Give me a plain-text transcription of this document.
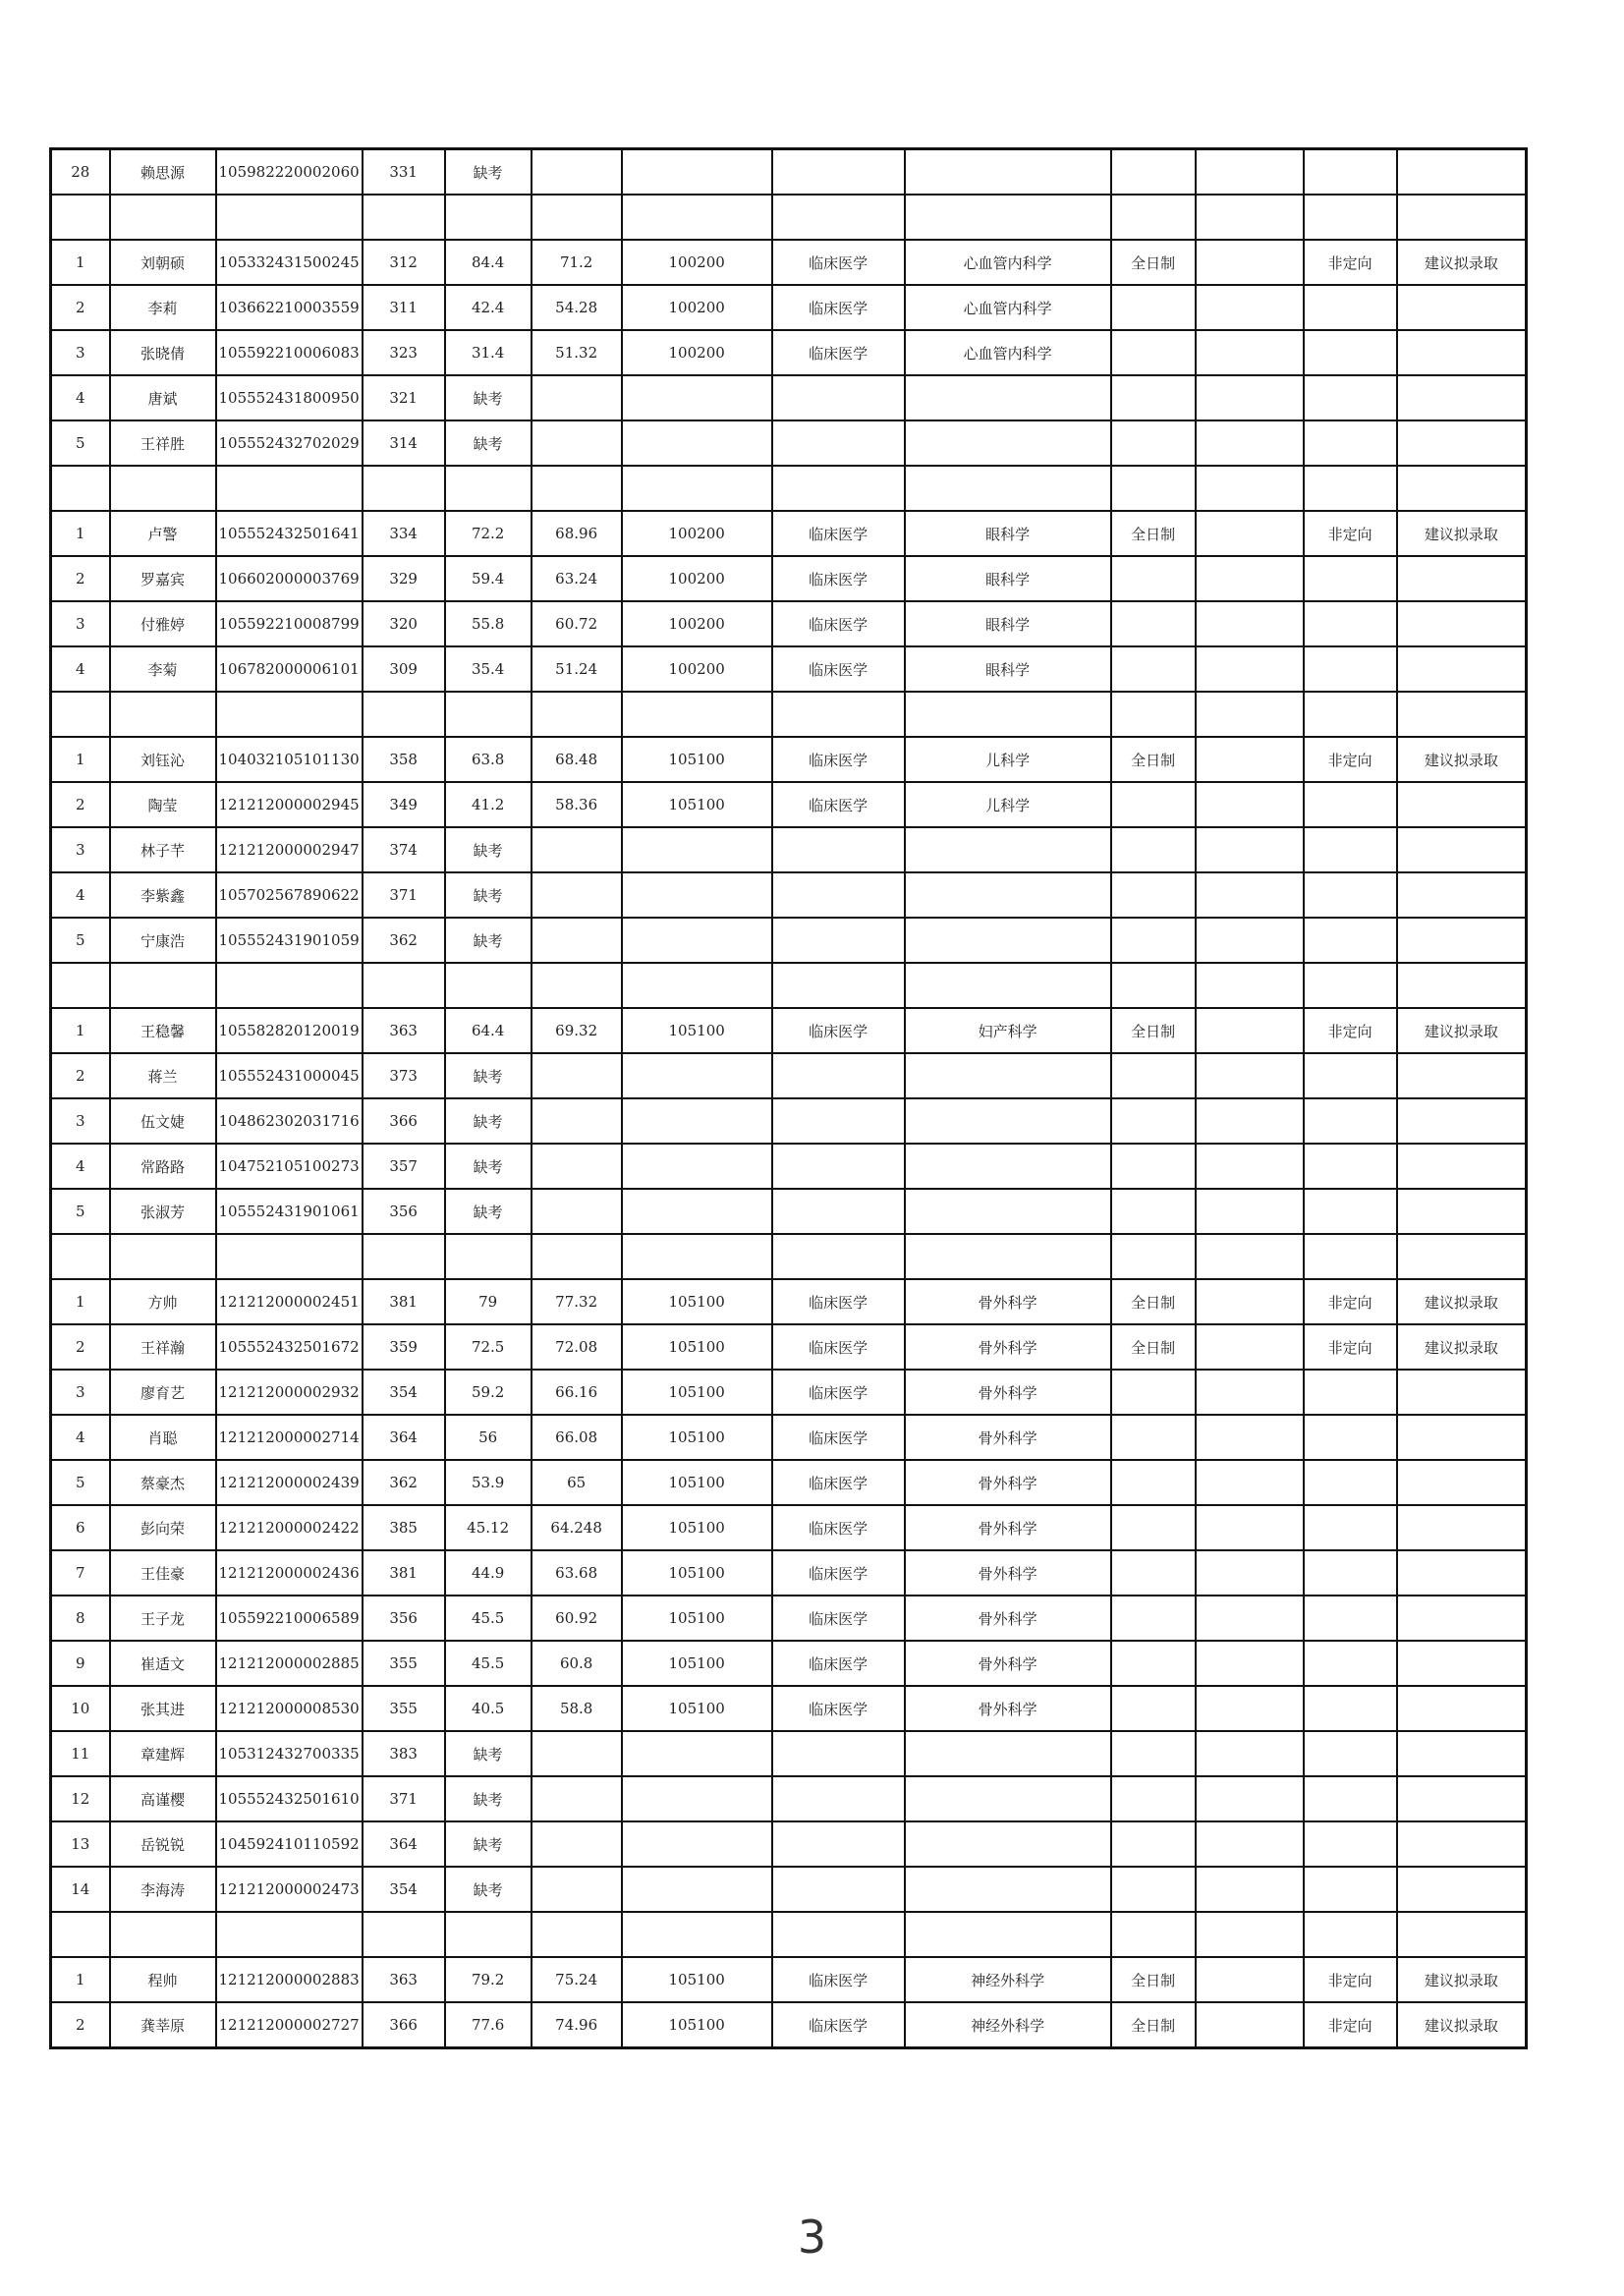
28	赖思源	105982220002060	331	缺考								

1	刘朝硕	105332431500245	312	84.4	71.2	100200	临床医学	心血管内科学	全日制		非定向	建议拟录取
2	李莉	103662210003559	311	42.4	54.28	100200	临床医学	心血管内科学				
3	张晓倩	105592210006083	323	31.4	51.32	100200	临床医学	心血管内科学				
4	唐斌	105552431800950	321	缺考								
5	王祥胜	105552432702029	314	缺考								

1	卢警	105552432501641	334	72.2	68.96	100200	临床医学	眼科学	全日制		非定向	建议拟录取
2	罗嘉宾	106602000003769	329	59.4	63.24	100200	临床医学	眼科学				
3	付雅婷	105592210008799	320	55.8	60.72	100200	临床医学	眼科学				
4	李菊	106782000006101	309	35.4	51.24	100200	临床医学	眼科学				

1	刘钰沁	104032105101130	358	63.8	68.48	105100	临床医学	儿科学	全日制		非定向	建议拟录取
2	陶莹	121212000002945	349	41.2	58.36	105100	临床医学	儿科学				
3	林子芊	121212000002947	374	缺考								
4	李紫鑫	105702567890622	371	缺考								
5	宁康浩	105552431901059	362	缺考								

1	王稳馨	105582820120019	363	64.4	69.32	105100	临床医学	妇产科学	全日制		非定向	建议拟录取
2	蒋兰	105552431000045	373	缺考								
3	伍文婕	104862302031716	366	缺考								
4	常路路	104752105100273	357	缺考								
5	张淑芳	105552431901061	356	缺考								

1	方帅	121212000002451	381	79	77.32	105100	临床医学	骨外科学	全日制		非定向	建议拟录取
2	王祥瀚	105552432501672	359	72.5	72.08	105100	临床医学	骨外科学	全日制		非定向	建议拟录取
3	廖育艺	121212000002932	354	59.2	66.16	105100	临床医学	骨外科学				
4	肖聪	121212000002714	364	56	66.08	105100	临床医学	骨外科学				
5	蔡豪杰	121212000002439	362	53.9	65	105100	临床医学	骨外科学				
6	彭向荣	121212000002422	385	45.12	64.248	105100	临床医学	骨外科学				
7	王佳豪	121212000002436	381	44.9	63.68	105100	临床医学	骨外科学				
8	王子龙	105592210006589	356	45.5	60.92	105100	临床医学	骨外科学				
9	崔适文	121212000002885	355	45.5	60.8	105100	临床医学	骨外科学				
10	张其进	121212000008530	355	40.5	58.8	105100	临床医学	骨外科学				
11	章建辉	105312432700335	383	缺考								
12	高谨樱	105552432501610	371	缺考								
13	岳锐锐	104592410110592	364	缺考								
14	李海涛	121212000002473	354	缺考								

1	程帅	121212000002883	363	79.2	75.24	105100	临床医学	神经外科学	全日制		非定向	建议拟录取
2	龚莘原	121212000002727	366	77.6	74.96	105100	临床医学	神经外科学	全日制		非定向	建议拟录取
3
